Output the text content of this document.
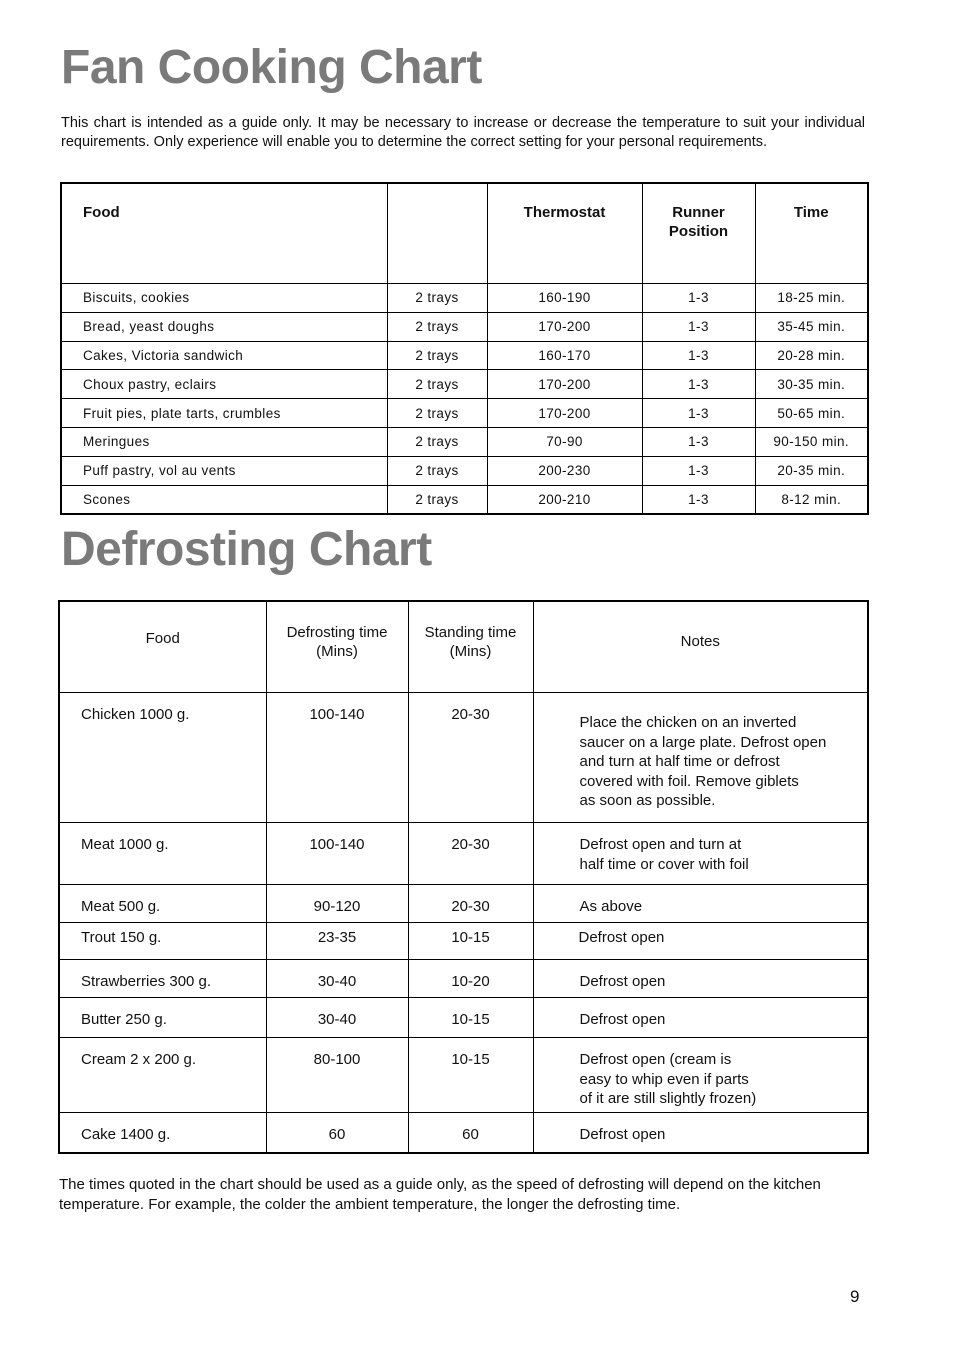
Fan Cooking Chart

This chart is intended as a guide only. It may be necessary to increase or decrease the temperature to suit your individual requirements. Only experience will enable you to determine the correct setting for your personal requirements.

Food		Thermostat	Runner Position	Time
Biscuits, cookies	2 trays	160-190	1-3	18-25 min.
Bread, yeast doughs	2 trays	170-200	1-3	35-45 min.
Cakes, Victoria sandwich	2 trays	160-170	1-3	20-28 min.
Choux pastry, eclairs	2 trays	170-200	1-3	30-35 min.
Fruit pies, plate tarts, crumbles	2 trays	170-200	1-3	50-65 min.
Meringues	2 trays	70-90	1-3	90-150 min.
Puff pastry, vol au vents	2 trays	200-230	1-3	20-35 min.
Scones	2 trays	200-210	1-3	8-12 min.
Defrosting Chart
Food	Defrosting time (Mins)	Standing time (Mins)	Notes
Chicken 1000 g.	100-140	20-30	Place the chicken on an inverted
saucer on a large plate. Defrost open
and turn at half time or defrost
covered with foil. Remove giblets
as soon as possible.

Meat 1000 g.	100-140	20-30	Defrost open and turn at
half time or cover with foil

Meat 500 g.	90-120	20-30	As above

Trout 150 g.	23-35	10-15	Defrost open

Strawberries 300 g.	30-40	10-20	Defrost open

Butter 250 g.	30-40	10-15	Defrost open

Cream 2 x 200 g.	80-100	10-15	Defrost open (cream is
easy to whip even if parts
of it are still slightly frozen)

Cake 1400 g.	60	60	Defrost open

The times quoted in the chart should be used as a guide only, as the speed of defrosting will depend on the kitchen temperature. For example, the colder the ambient temperature, the longer the defrosting time.

9
